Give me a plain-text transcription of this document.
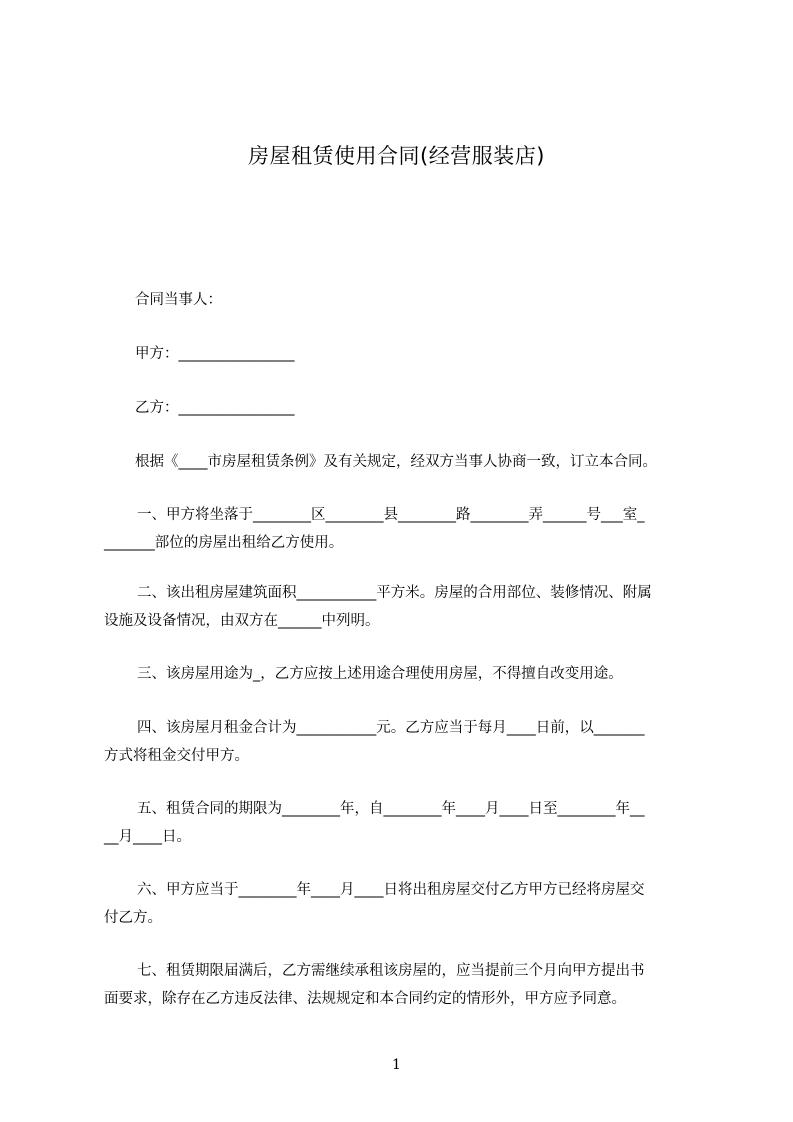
房屋租赁使用合同(经营服装店)
合同当事人：
甲方：________________
乙方：________________
根据《____市房屋租赁条例》及有关规定，经双方当事人协商一致，订立本合同。
一、甲方将坐落于________区________县________路________弄______号___室_
_______部位的房屋出租给乙方使用。
二、该出租房屋建筑面积___________平方米。房屋的合用部位、装修情况、附属
设施及设备情况，由双方在______中列明。
三、该房屋用途为_，乙方应按上述用途合理使用房屋，不得擅自改变用途。
四、该房屋月租金合计为___________元。乙方应当于每月____日前，以_______
方式将租金交付甲方。
五、租赁合同的期限为________年，自________年____月____日至________年__
__月____日。
六、甲方应当于________年____月____日将出租房屋交付乙方甲方已经将房屋交
付乙方。
七、租赁期限届满后，乙方需继续承租该房屋的，应当提前三个月向甲方提出书
面要求，除存在乙方违反法律、法规规定和本合同约定的情形外，甲方应予同意。
1
